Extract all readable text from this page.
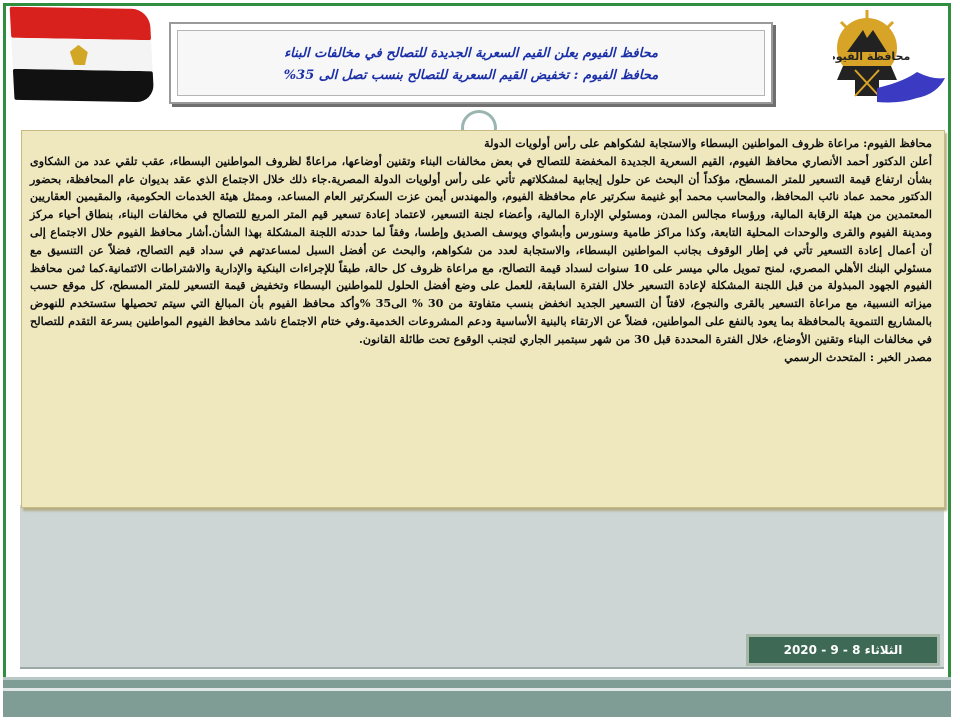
محافظة الفيوم

محافظ الفيوم يعلن القيم السعرية الجديدة للتصالح في مخالفات البناء

محافظ الفيوم : تخفيض القيم السعرية للتصالح بنسب تصل الى 35%

محافظ الفيوم: مراعاة ظروف المواطنين البسطاء والاستجابة لشكواهم على رأس أولويات الدولة

أعلن الدكتور أحمد الأنصاري محافظ الفيوم، القيم السعرية الجديدة المخفضة للتصالح في بعض مخالفات البناء وتقنين أوضاعها، مراعاةً لظروف المواطنين البسطاء، عقب تلقي عدد من الشكاوى بشأن ارتفاع قيمة التسعير للمتر المسطح، مؤكداً أن البحث عن حلول إيجابية لمشكلاتهم تأتي على رأس أولويات الدولة المصرية.جاء ذلك خلال الاجتماع الذي عقد بديوان عام المحافظة، بحضور الدكتور محمد عماد نائب المحافظ، والمحاسب محمد أبو غنيمة سكرتير عام محافظة الفيوم، والمهندس أيمن عزت السكرتير العام المساعد، وممثل هيئة الخدمات الحكومية، والمقيمين العقاريين المعتمدين من هيئة الرقابة المالية، ورؤساء مجالس المدن، ومسئولي الإدارة المالية، وأعضاء لجنة التسعير، لاعتماد إعادة تسعير قيم المتر المربع للتصالح في مخالفات البناء، بنطاق أحياء مركز ومدينة الفيوم والقرى والوحدات المحلية التابعة، وكذا مراكز طامية وسنورس وأبشواي ويوسف الصديق وإطسا، وفقاً لما حددته اللجنة المشكلة بهذا الشأن.أشار محافظ الفيوم خلال الاجتماع إلى أن أعمال إعادة التسعير تأتي في إطار الوقوف بجانب المواطنين البسطاء، والاستجابة لعدد من شكواهم، والبحث عن أفضل السبل لمساعدتهم في سداد قيم التصالح، فضلاً عن التنسيق مع مسئولي البنك الأهلي المصري، لمنح تمويل مالي ميسر على 10 سنوات لسداد قيمة التصالح، مع مراعاة ظروف كل حالة، طبقاً للإجراءات البنكية والإدارية والاشتراطات الائتمانية.كما ثمن محافظ الفيوم الجهود المبذولة من قبل اللجنة المشكلة لإعادة التسعير خلال الفترة السابقة، للعمل على وضع أفضل الحلول للمواطنين البسطاء وتخفيض قيمة التسعير للمتر المسطح، كل موقع حسب ميزاته النسبية، مع مراعاة التسعير بالقرى والنجوع، لافتاً أن التسعير الجديد انخفض بنسب متفاوتة من 30 % الى35 %وأكد محافظ الفيوم بأن المبالغ التي سيتم تحصيلها ستستخدم للنهوض بالمشاريع التنموية بالمحافظة بما يعود بالنفع على المواطنين، فضلاً عن الارتقاء بالبنية الأساسية ودعم المشروعات الخدمية.وفي ختام الاجتماع ناشد محافظ الفيوم المواطنين بسرعة التقدم للتصالح في مخالفات البناء وتقنين الأوضاع، خلال الفترة المحددة قبل 30 من شهر سبتمبر الجاري لتجنب الوقوع تحت طائلة القانون.

مصدر الخبر : المتحدث الرسمي

الثلاثاء 8 - 9 - 2020
